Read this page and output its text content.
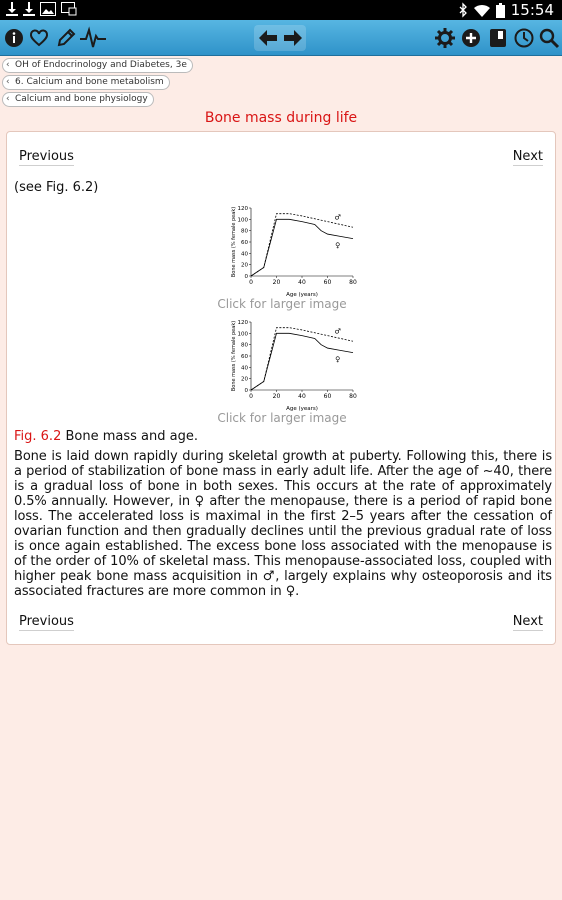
15:54
‹ OH of Endocrinology and Diabetes, 3e
‹ 6. Calcium and bone metabolism
‹ Calcium and bone physiology
Bone mass during life
Previous	Next
(see Fig. 6.2)
0	20	40	60	80
0
20
40
60
80
100
120
Age (years)
Bone mass (% female peak)	♂
♀
Click for larger image
0	20	40	60	80
0
20
40
60
80
100
120
Age (years)
Bone mass (% female peak)	♂
♀
Click for larger image
Fig. 6.2 Bone mass and age.
Bone is laid down rapidly during skeletal growth at puberty. Following this, there is a period of stabilization of bone mass in early adult life. After the age of ~40, there is a gradual loss of bone in both sexes. This occurs at the rate of approximately 0.5% annually. However, in ♀ after the menopause, there is a period of rapid bone loss. The accelerated loss is maximal in the first 2–5 years after the cessation of ovarian function and then gradually declines until the previous gradual rate of loss is once again established. The excess bone loss associated with the menopause is of the order of 10% of skeletal mass. This menopause-associated loss, coupled with higher peak bone mass acquisition in ♂, largely explains why osteoporosis and its associated fractures are more common in ♀.
Previous	Next
